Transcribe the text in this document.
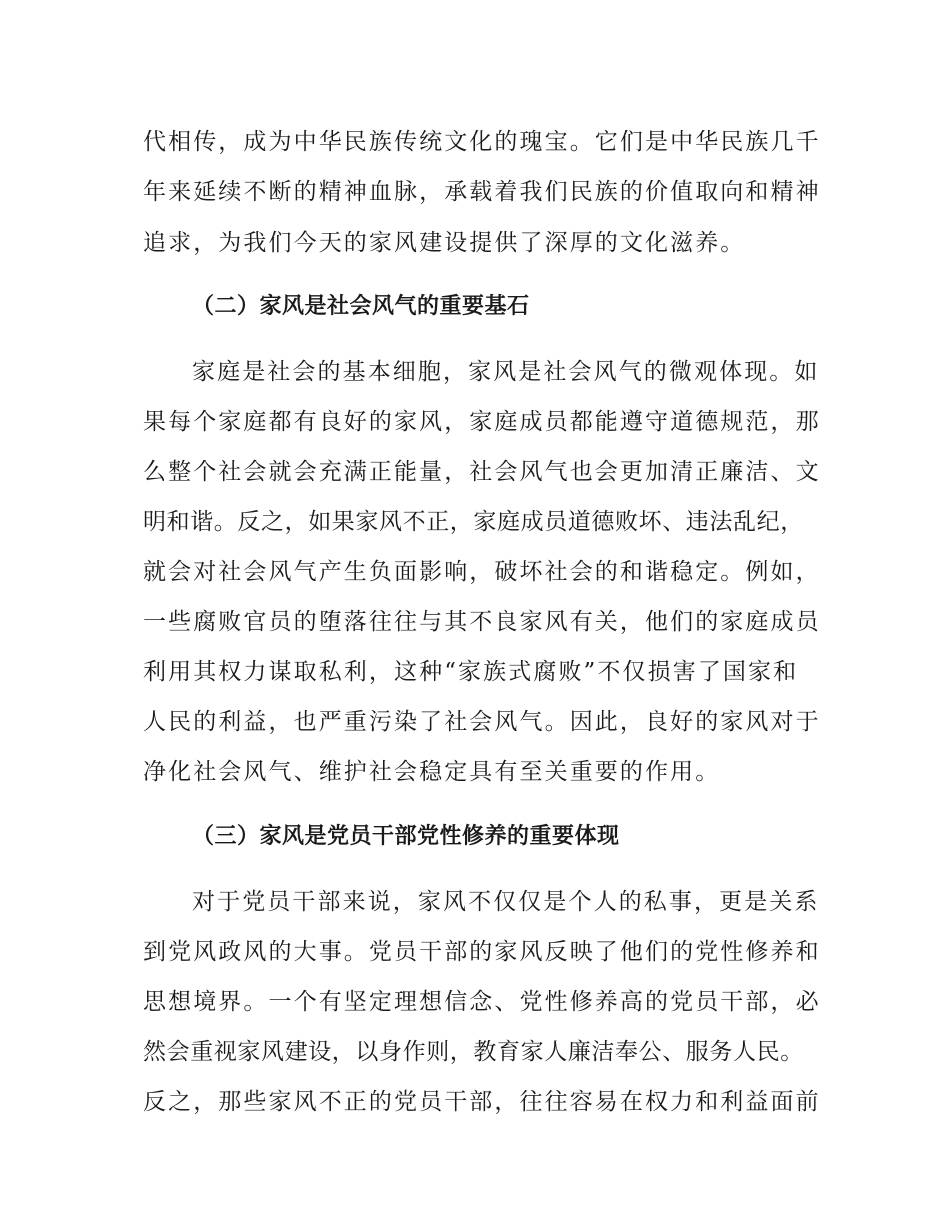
代相传，成为中华民族传统文化的瑰宝。它们是中华民族几千
年来延续不断的精神血脉，承载着我们民族的价值取向和精神
追求，为我们今天的家风建设提供了深厚的文化滋养。
（二）家风是社会风气的重要基石
家庭是社会的基本细胞，家风是社会风气的微观体现。如
果每个家庭都有良好的家风，家庭成员都能遵守道德规范，那
么整个社会就会充满正能量，社会风气也会更加清正廉洁、文
明和谐。反之，如果家风不正，家庭成员道德败坏、违法乱纪，
就会对社会风气产生负面影响，破坏社会的和谐稳定。例如，
一些腐败官员的堕落往往与其不良家风有关，他们的家庭成员
利用其权力谋取私利，这种“家族式腐败”不仅损害了国家和
人民的利益，也严重污染了社会风气。因此，良好的家风对于
净化社会风气、维护社会稳定具有至关重要的作用。
（三）家风是党员干部党性修养的重要体现
对于党员干部来说，家风不仅仅是个人的私事，更是关系
到党风政风的大事。党员干部的家风反映了他们的党性修养和
思想境界。一个有坚定理想信念、党性修养高的党员干部，必
然会重视家风建设，以身作则，教育家人廉洁奉公、服务人民。
反之，那些家风不正的党员干部，往往容易在权力和利益面前
